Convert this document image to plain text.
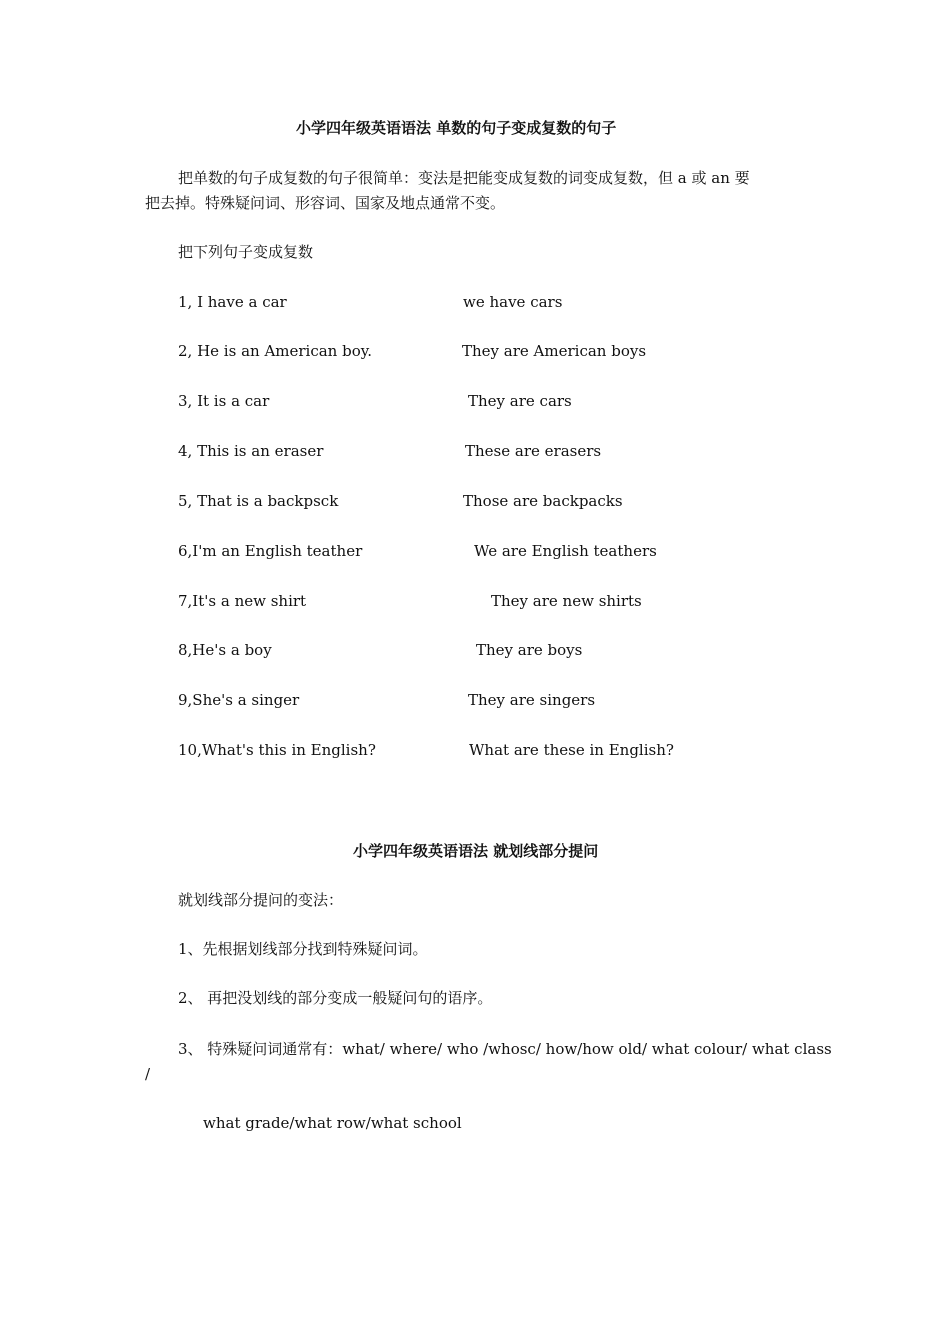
小学四年级英语语法 单数的句子变成复数的句子
把单数的句子成复数的句子很简单：变法是把能变成复数的词变成复数，但 a 或 an 要
把去掉。特殊疑问词、形容词、国家及地点通常不变。
把下列句子变成复数
1, I have a car	we have cars
2, He is an American boy.	They are American boys
3, It is a car	They are cars
4, This is an eraser	These are erasers
5, That is a backpsck	Those are backpacks
6,I'm an English teather	We are English teathers
7,It's a new shirt	They are new shirts
8,He's a boy	They are boys
9,She's a singer	They are singers
10,What's this in English?	What are these in English?
小学四年级英语语法 就划线部分提问
就划线部分提问的变法：
1、先根据划线部分找到特殊疑问词。
2、 再把没划线的部分变成一般疑问句的语序。
3、 特殊疑问词通常有：what/ where/ who /whosc/ how/how old/ what colour/ what class
/
what grade/what row/what school
